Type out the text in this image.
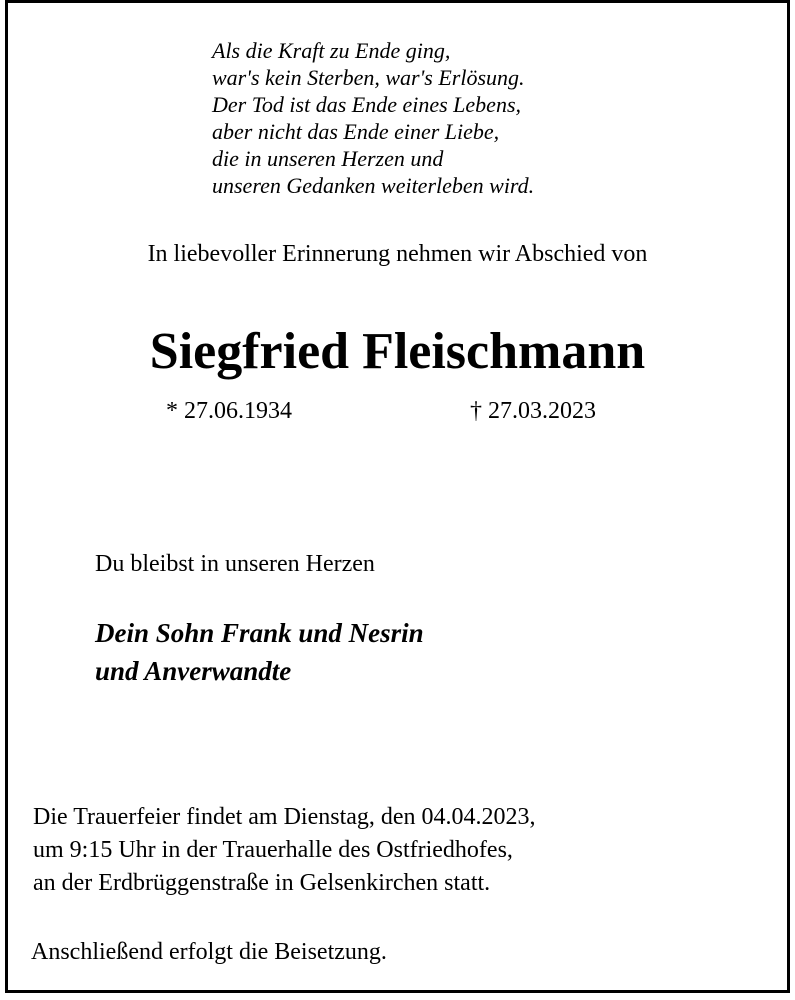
Als die Kraft zu Ende ging,
war's kein Sterben, war's Erlösung.
Der Tod ist das Ende eines Lebens,
aber nicht das Ende einer Liebe,
die in unseren Herzen und
unseren Gedanken weiterleben wird.
In liebevoller Erinnerung nehmen wir Abschied von
Siegfried Fleischmann
* 27.06.1934	† 27.03.2023
Du bleibst in unseren Herzen
Dein Sohn Frank und Nesrin
und Anverwandte
Die Trauerfeier findet am Dienstag, den 04.04.2023,
um 9:15 Uhr in der Trauerhalle des Ostfriedhofes,
an der Erdbrüggenstraße in Gelsenkirchen statt.
Anschließend erfolgt die Beisetzung.
